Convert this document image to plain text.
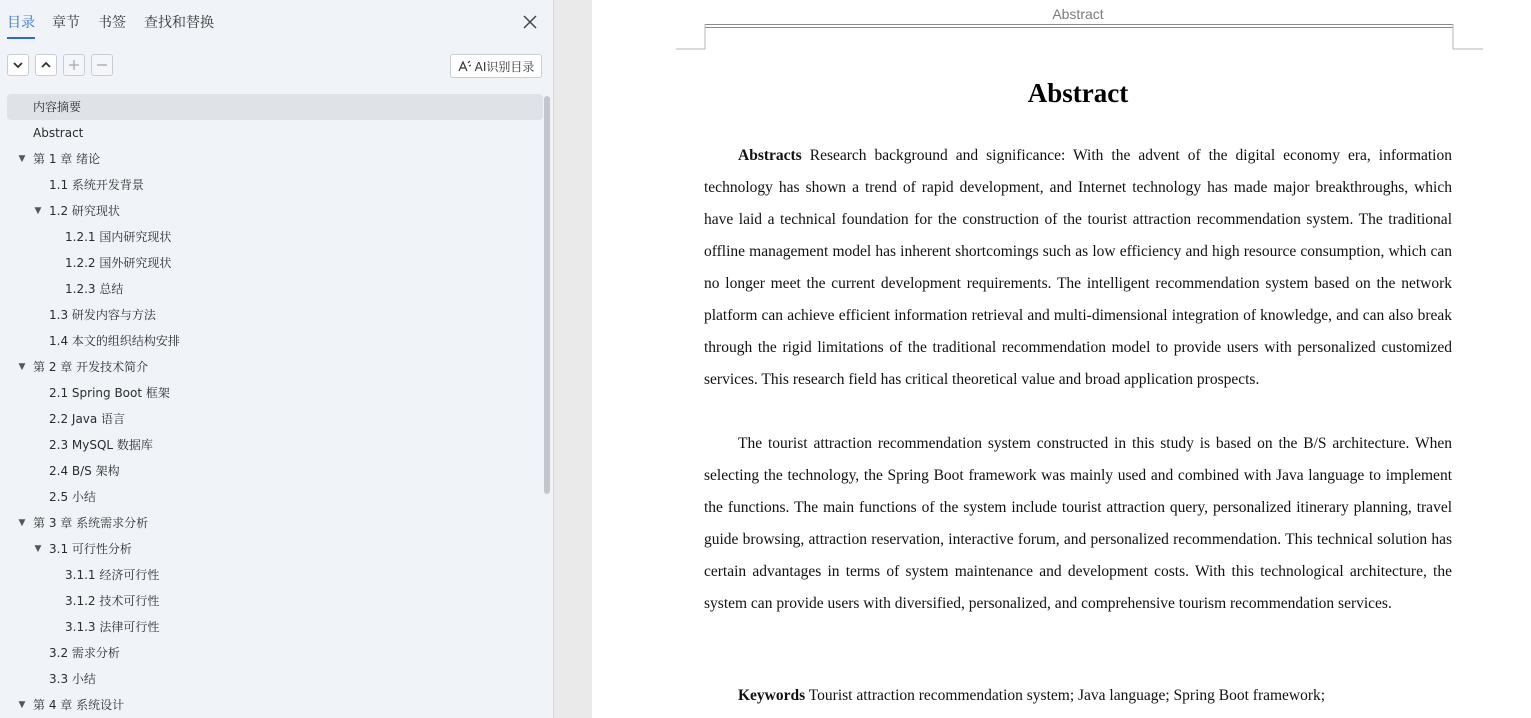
目录 章节 书签 查找和替换
AI识别目录
内容摘要
Abstract
▼ 第 1 章 绪论
1.1 系统开发背景
▼ 1.2 研究现状
1.2.1 国内研究现状
1.2.2 国外研究现状
1.2.3 总结
1.3 研发内容与方法
1.4 本文的组织结构安排
▼ 第 2 章 开发技术简介
2.1 Spring Boot 框架
2.2 Java 语言
2.3 MySQL 数据库
2.4 B/S 架构
2.5 小结
▼ 第 3 章 系统需求分析
▼ 3.1 可行性分析
3.1.1 经济可行性
3.1.2 技术可行性
3.1.3 法律可行性
3.2 需求分析
3.3 小结
▼ 第 4 章 系统设计
Abstract
Abstract

Abstracts Research background and significance: With the advent of the digital economy era, information technology has shown a trend of rapid development, and Internet technology has made major breakthroughs, which have laid a technical foundation for the construction of the tourist attraction recommendation system. The traditional offline management model has inherent shortcomings such as low efficiency and high resource consumption, which can no longer meet the current development requirements. The intelligent recommendation system based on the network platform can achieve efficient information retrieval and multi-dimensional integration of knowledge, and can also break through the rigid limitations of the traditional recommendation model to provide users with personalized customized services. This research field has critical theoretical value and broad application prospects.

The tourist attraction recommendation system constructed in this study is based on the B/S architecture. When selecting the technology, the Spring Boot framework was mainly used and combined with Java language to implement the functions. The main functions of the system include tourist attraction query, personalized itinerary planning, travel guide browsing, attraction reservation, interactive forum, and personalized recommendation. This technical solution has certain advantages in terms of system maintenance and development costs. With this technological architecture, the system can provide users with diversified, personalized, and comprehensive tourism recommendation services.

Keywords Tourist attraction recommendation system; Java language; Spring Boot framework;
